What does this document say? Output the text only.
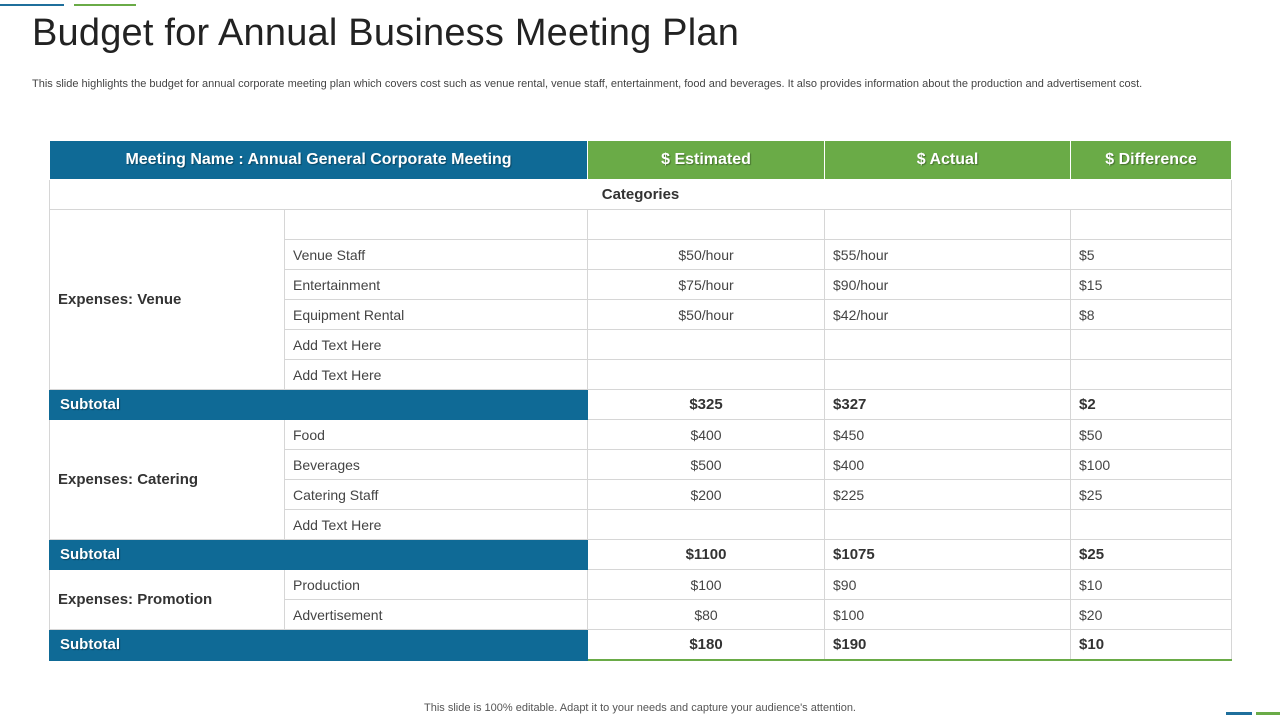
Budget for Annual Business Meeting Plan

This slide highlights the budget for annual corporate meeting plan which covers cost such as venue rental, venue staff, entertainment, food and beverages. It also provides information about the production and advertisement cost.

Meeting Name : Annual General Corporate Meeting		$ Estimated	$ Actual	$ Difference
Categories				
Expenses: Venue				
	Venue Staff	$50/hour	$55/hour	$5
	Entertainment	$75/hour	$90/hour	$15
	Equipment Rental	$50/hour	$42/hour	$8
	Add Text Here			
	Add Text Here			
Subtotal		$325	$327	$2
Expenses: Catering	Food	$400	$450	$50
	Beverages	$500	$400	$100
	Catering Staff	$200	$225	$25
	Add Text Here			
Subtotal		$1100	$1075	$25
Expenses: Promotion	Production	$100	$90	$10
	Advertisement	$80	$100	$20
Subtotal		$180	$190	$10
This slide is 100% editable. Adapt it to your needs and capture your audience's attention.
